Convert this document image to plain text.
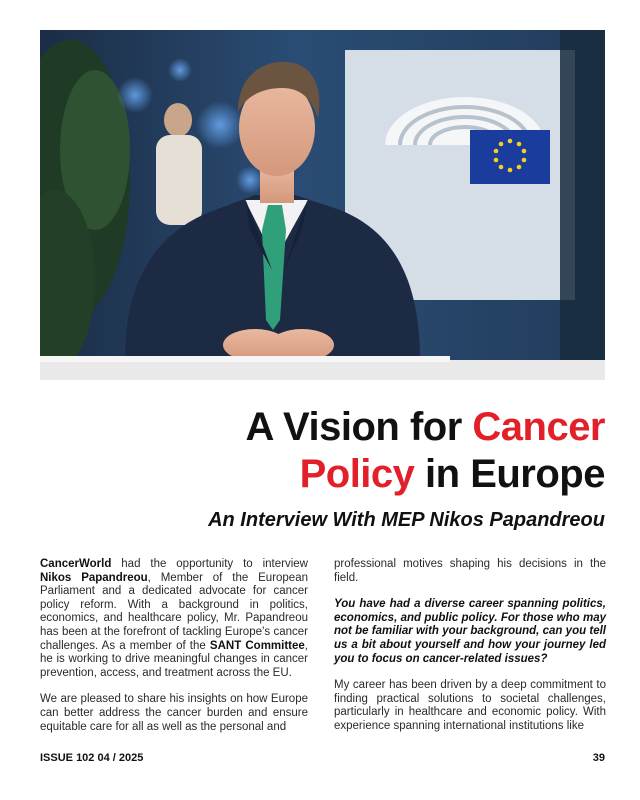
A Vision for Cancer
Policy in Europe
An Interview With MEP Nikos Papandreou

CancerWorld had the opportunity to interview Nikos Papandreou, Member of the European Parliament and a dedicated advocate for cancer policy reform. With a background in politics, economics, and healthcare policy, Mr. Papandreou has been at the forefront of tackling Europe’s cancer challenges. As a member of the SANT Committee, he is working to drive meaningful changes in cancer prevention, access, and treatment across the EU.

We are pleased to share his insights on how Europe can better address the cancer burden and ensure equitable care for all as well as the personal and

professional motives shaping his decisions in the field.

You have had a diverse career spanning politics, economics, and public policy. For those who may not be familiar with your background, can you tell us a bit about yourself and how your journey led you to focus on cancer-related issues?

My career has been driven by a deep commitment to finding practical solutions to societal challenges, particularly in healthcare and economic policy. With experience spanning international institutions like

ISSUE 102 04 / 2025	39
